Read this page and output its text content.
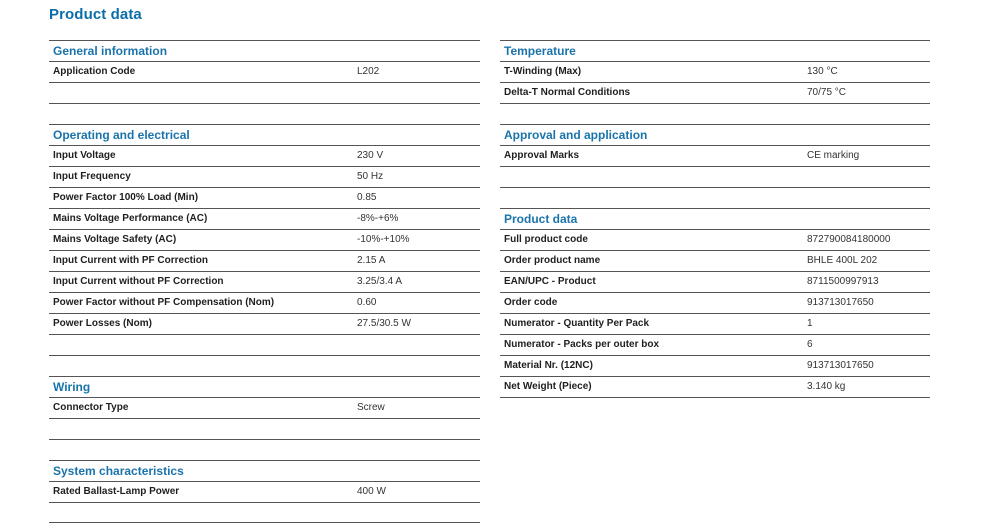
Product data
General information
Application Code	L202
Operating and electrical
Input Voltage	230 V
Input Frequency	50 Hz
Power Factor 100% Load (Min)	0.85
Mains Voltage Performance (AC)	-8%-+6%
Mains Voltage Safety (AC)	-10%-+10%
Input Current with PF Correction	2.15 A
Input Current without PF Correction	3.25/3.4 A
Power Factor without PF Compensation (Nom)	0.60
Power Losses (Nom)	27.5/30.5 W
Wiring
Connector Type	Screw
System characteristics
Rated Ballast-Lamp Power	400 W
Temperature
T-Winding (Max)	130 °C
Delta-T Normal Conditions	70/75 °C
Approval and application
Approval Marks	CE marking
Product data
Full product code	872790084180000
Order product name	BHLE 400L 202
EAN/UPC - Product	8711500997913
Order code	913713017650
Numerator - Quantity Per Pack	1
Numerator - Packs per outer box	6
Material Nr. (12NC)	913713017650
Net Weight (Piece)	3.140 kg
